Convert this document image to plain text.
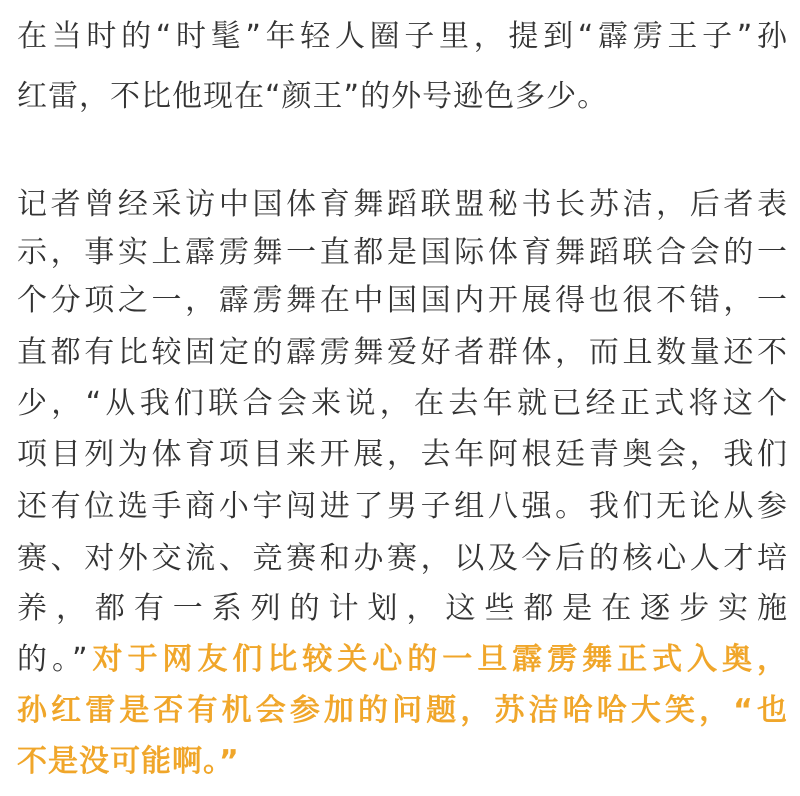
在当时的“时髦”年轻人圈子里，提到“霹雳王子”孙
红雷，不比他现在“颜王”的外号逊色多少。
记者曾经采访中国体育舞蹈联盟秘书长苏洁，后者表
示，事实上霹雳舞一直都是国际体育舞蹈联合会的一
个分项之一，霹雳舞在中国国内开展得也很不错，一
直都有比较固定的霹雳舞爱好者群体，而且数量还不
少，“从我们联合会来说，在去年就已经正式将这个
项目列为体育项目来开展，去年阿根廷青奥会，我们
还有位选手商小宇闯进了男子组八强。我们无论从参
赛、对外交流、竞赛和办赛，以及今后的核心人才培
养，都有一系列的计划，这些都是在逐步实施
的。”对于网友们比较关心的一旦霹雳舞正式入奥，
孙红雷是否有机会参加的问题，苏洁哈哈大笑，“也
不是没可能啊。”
